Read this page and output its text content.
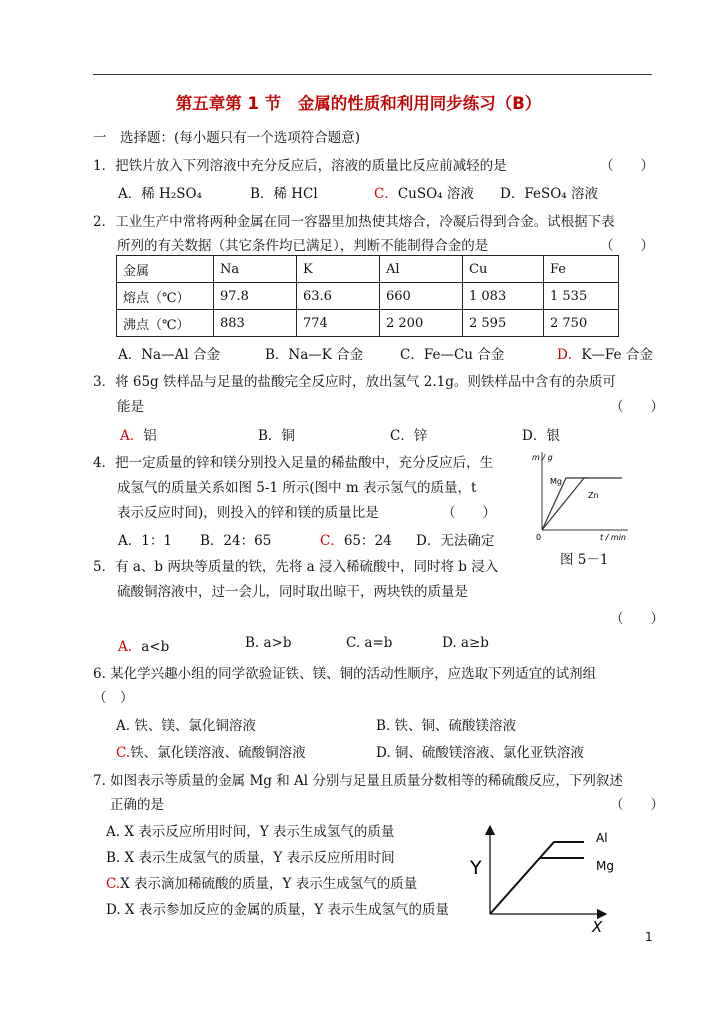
第五章第 1 节　金属的性质和利用同步练习（B）
一　选择题：(每小题只有一个选项符合题意)
1．把铁片放入下列溶液中充分反应后，溶液的质量比反应前减轻的是	（　　）
A．稀 H₂SO₄	B．稀 HCl	C．CuSO₄ 溶液 D．FeSO₄ 溶液
2．工业生产中常将两种金属在同一容器里加热使其熔合，冷凝后得到合金。试根据下表
所列的有关数据（其它条件均已满足），判断不能制得合金的是	（　　）
金属	Na	K	Al	Cu	Fe
熔点（℃）	97.8	63.6	660	1 083	1 535
沸点（℃）	883	774	2 200	2 595	2 750
A．Na—Al 合金	B．Na—K 合金	C．Fe—Cu 合金	D．K—Fe 合金
3．将 65g 铁样品与足量的盐酸完全反应时，放出氢气 2.1g。则铁样品中含有的杂质可
能是	（　　）
A．铝	B．铜	C．锌	D．银
4．把一定质量的锌和镁分别投入足量的稀盐酸中，充分反应后，生
成氢气的质量关系如图 5-1 所示(图中 m 表示氢气的质量，t
表示反应时间)，则投入的锌和镁的质量比是	（　　）
A．1：1 B．24：65	C．65：24 D．无法确定
m / g
Mg
Zn
0	t / min
图 5－1
5．有 a、b 两块等质量的铁，先将 a 浸入稀硫酸中，同时将 b 浸入
硫酸铜溶液中，过一会儿，同时取出晾干，两块铁的质量是
（　　）
A．a<b	B. a>b	C. a=b	D. a≥b
6. 某化学兴趣小组的同学欲验证铁、镁、铜的活动性顺序，应选取下列适宜的试剂组
（　）
A. 铁、镁、氯化铜溶液	B. 铁、铜、硫酸镁溶液
C.铁、氯化镁溶液、硫酸铜溶液	D. 铜、硫酸镁溶液、氯化亚铁溶液
7. 如图表示等质量的金属 Mg 和 Al 分别与足量且质量分数相等的稀硫酸反应，下列叙述
正确的是	（　　）
A. X 表示反应所用时间，Y 表示生成氢气的质量
B. X 表示生成氢气的质量，Y 表示反应所用时间
C.X 表示滴加稀硫酸的质量，Y 表示生成氢气的质量
D. X 表示参加反应的金属的质量，Y 表示生成氢气的质量
Y
X
Al
Mg
1
